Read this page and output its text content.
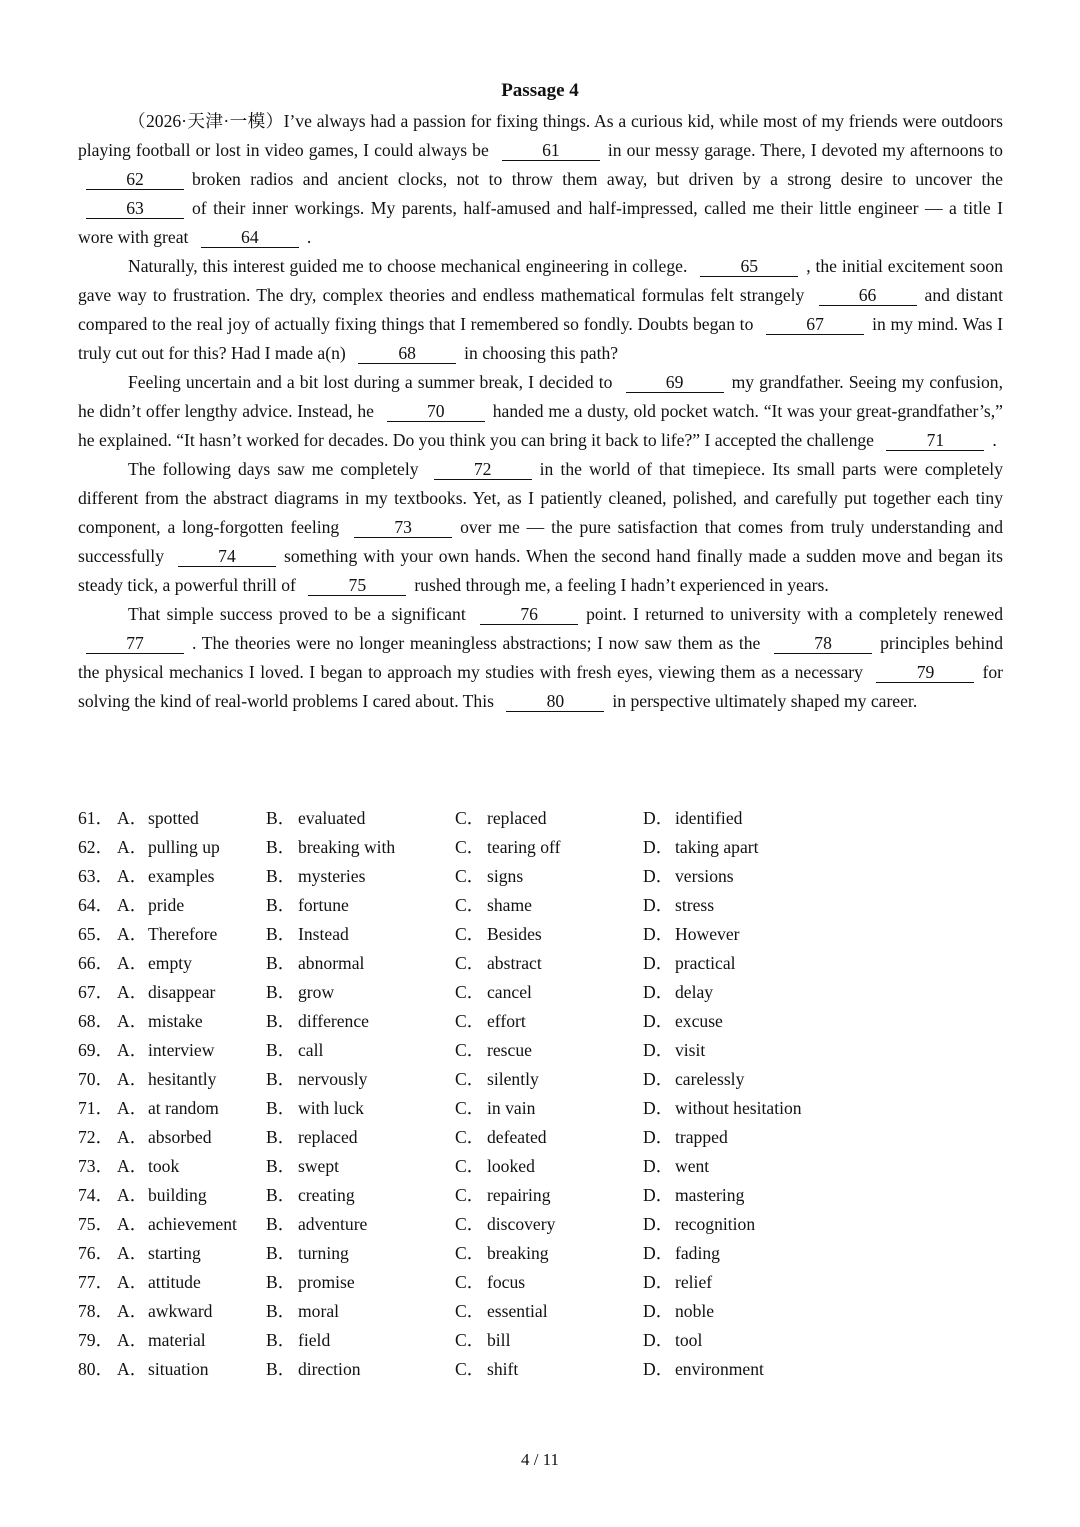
Passage 4

（2026·天津·一模）I’ve always had a passion for fixing things. As a curious kid, while most of my friends were outdoors playing football or lost in video games, I could always be	61	in our messy garage. There, I devoted my afternoons to 62	broken radios and ancient clocks, not to throw them away, but driven by a strong desire to uncover the 63	of their inner workings. My parents, half-amused and half-impressed, called me their little engineer — a title I wore with great	64	.

Naturally, this interest guided me to choose mechanical engineering in college.	65	, the initial excitement soon gave way to frustration. The dry, complex theories and endless mathematical formulas felt strangely	66	and distant compared to the real joy of actually fixing things that I remembered so fondly. Doubts began to	67	in my mind. Was I truly cut out for this? Had I made a(n)	68	in choosing this path?

Feeling uncertain and a bit lost during a summer break, I decided to	69	my grandfather. Seeing my confusion, he didn’t offer lengthy advice. Instead, he	70	handed me a dusty, old pocket watch. “It was your great-grandfather’s,” he explained. “It hasn’t worked for decades. Do you think you can bring it back to life?” I accepted the challenge	71	.

The following days saw me completely	72	in the world of that timepiece. Its small parts were completely different from the abstract diagrams in my textbooks. Yet, as I patiently cleaned, polished, and carefully put together each tiny component, a long-forgotten feeling	73	over me — the pure satisfaction that comes from truly understanding and successfully	74	something with your own hands. When the second hand finally made a sudden move and began its steady tick, a powerful thrill of	75	rushed through me, a feeling I hadn’t experienced in years.

That simple success proved to be a significant	76	point. I returned to university with a completely renewed 77	. The theories were no longer meaningless abstractions; I now saw them as the	78	principles behind the physical mechanics I loved. I began to approach my studies with fresh eyes, viewing them as a necessary	79	for solving the kind of real-world problems I cared about. This	80	in perspective ultimately shaped my career.

61． A． spotted	B． evaluated	C． replaced	D． identified
62． A． pulling up	B． breaking with	C． tearing off	D． taking apart
63． A． examples	B． mysteries	C． signs	D． versions
64． A． pride	B． fortune	C． shame	D． stress
65． A． Therefore	B． Instead	C． Besides	D． However
66． A． empty	B． abnormal	C． abstract	D． practical
67． A． disappear	B． grow	C． cancel	D． delay
68． A． mistake	B． difference	C． effort	D． excuse
69． A． interview	B． call	C． rescue	D． visit
70． A． hesitantly	B． nervously	C． silently	D． carelessly
71． A． at random	B． with luck	C． in vain	D． without hesitation
72． A． absorbed	B． replaced	C． defeated	D． trapped
73． A． took	B． swept	C． looked	D． went
74． A． building	B． creating	C． repairing	D． mastering
75． A． achievement B． adventure	C． discovery	D． recognition
76． A． starting	B． turning	C． breaking	D． fading
77． A． attitude	B． promise	C． focus	D． relief
78． A． awkward	B． moral	C． essential	D． noble
79． A． material	B． field	C． bill	D． tool
80． A． situation	B． direction	C． shift	D． environment
4 / 11
